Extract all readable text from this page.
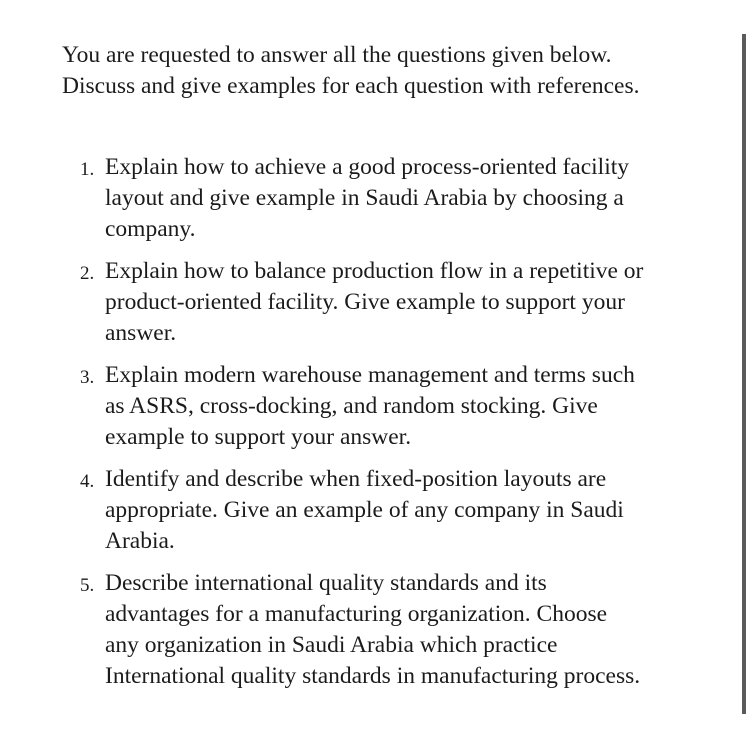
You are requested to answer all the questions given below.

Discuss and give examples for each question with references.

1. Explain how to achieve a good process-oriented facility
layout and give example in Saudi Arabia by choosing a
company.
2. Explain how to balance production flow in a repetitive or
product-oriented facility. Give example to support your
answer.
3. Explain modern warehouse management and terms such
as ASRS, cross-docking, and random stocking. Give
example to support your answer.
4. Identify and describe when fixed-position layouts are
appropriate. Give an example of any company in Saudi
Arabia.
5. Describe international quality standards and its
advantages for a manufacturing organization. Choose
any organization in Saudi Arabia which practice
International quality standards in manufacturing process.
